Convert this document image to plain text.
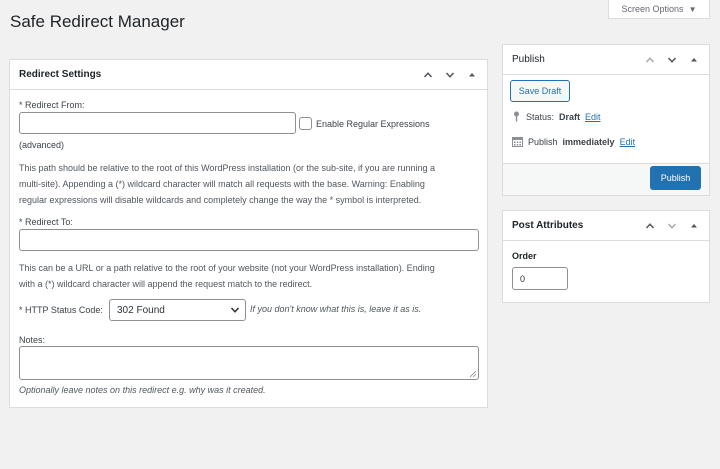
Screen Options ▼
Safe Redirect Manager
Redirect Settings
* Redirect From:
Enable Regular Expressions
(advanced)
This path should be relative to the root of this WordPress installation (or the sub-site, if you are running a
multi-site). Appending a (*) wildcard character will match all requests with the base. Warning: Enabling
regular expressions will disable wildcards and completely change the way the * symbol is interpreted.
* Redirect To:
This can be a URL or a path relative to the root of your website (not your WordPress installation). Ending
with a (*) wildcard character will append the request match to the redirect.
* HTTP Status Code: 302 Found	If you don't know what this is, leave it as is.
Notes:
Optionally leave notes on this redirect e.g. why was it created.
Publish
Save Draft
Status: Draft Edit
Publish immediately Edit
Publish
Post Attributes
Order
0
